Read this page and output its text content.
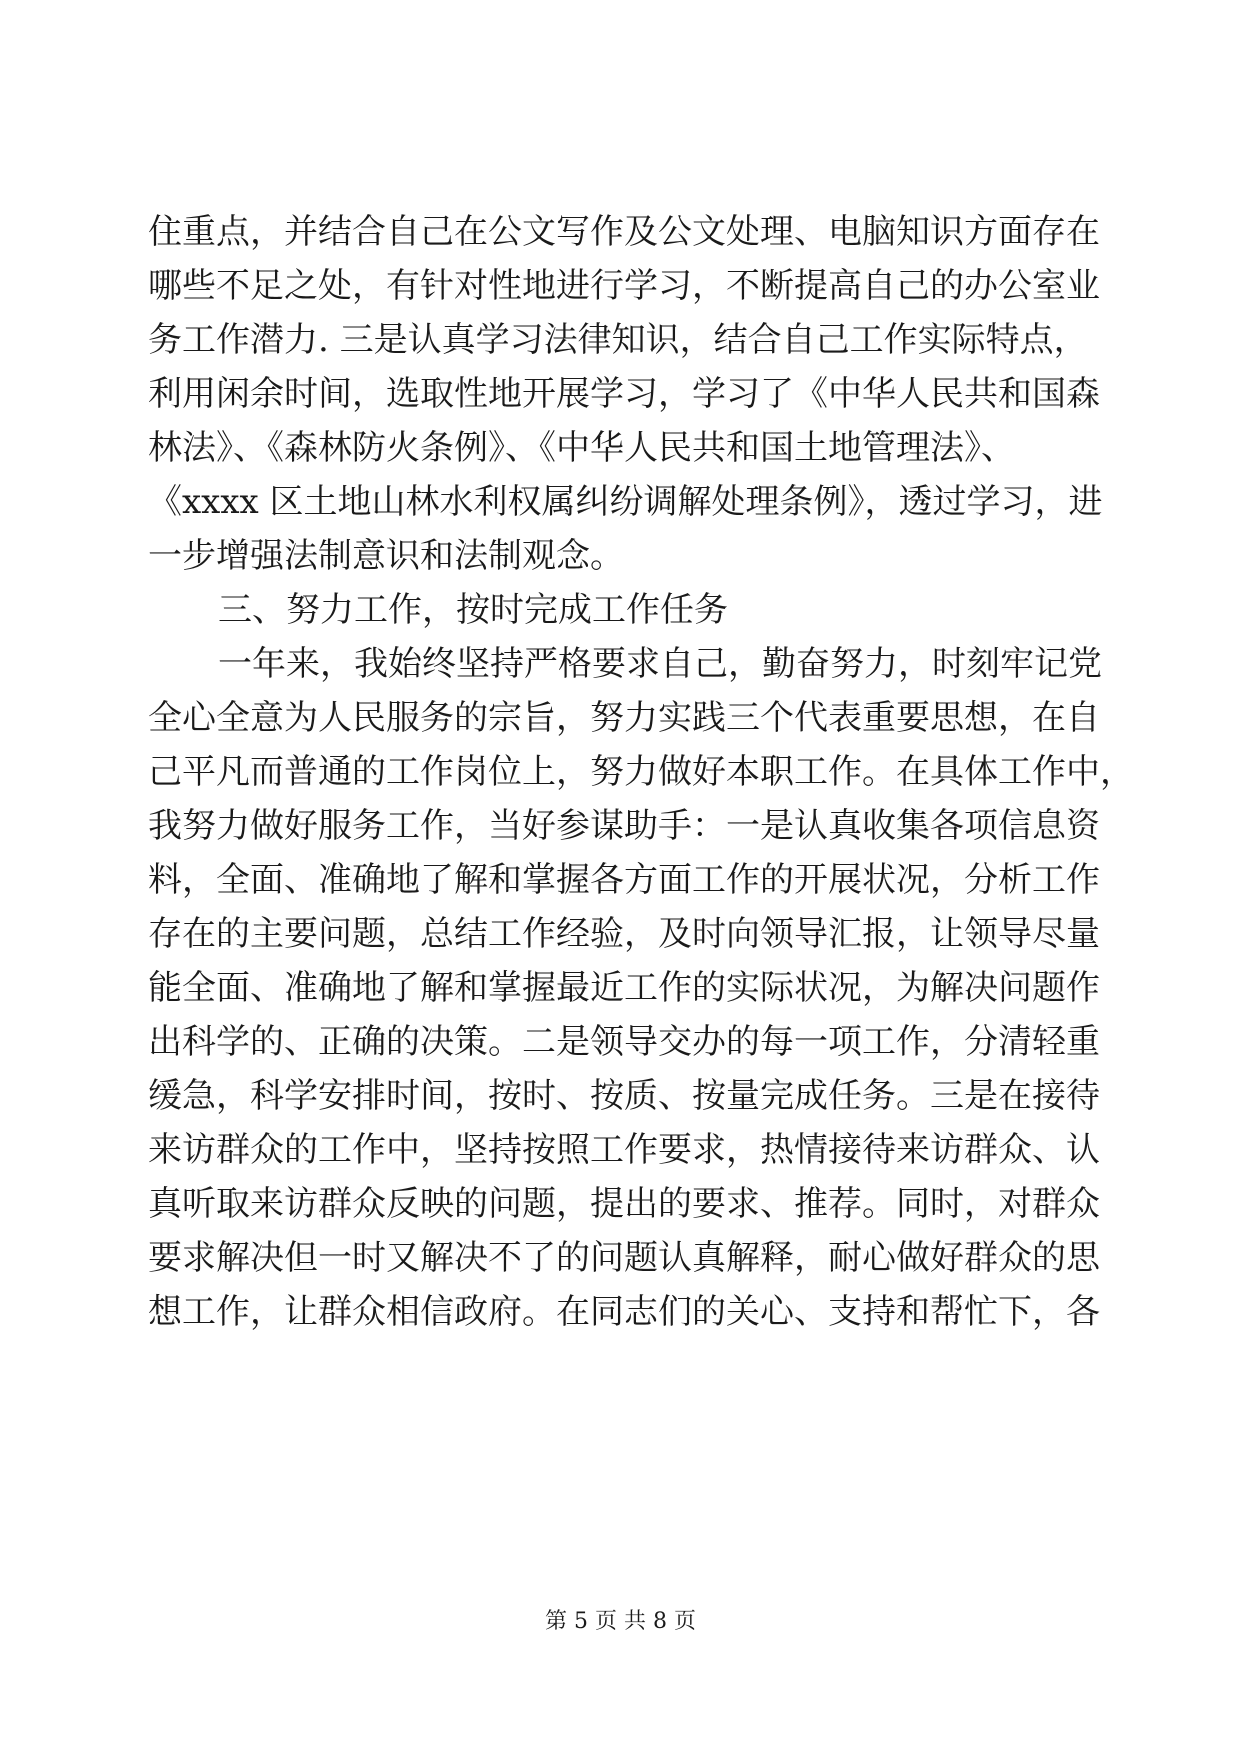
住重点，并结合自己在公文写作及公文处理、电脑知识方面存在
哪些不足之处，有针对性地进行学习，不断提高自己的办公室业
务工作潜力. 三是认真学习法律知识，结合自己工作实际特点，
利用闲余时间，选取性地开展学习，学习了《中华人民共和国森
林法》、《森林防火条例》、《中华人民共和国土地管理法》、
《xxxx 区土地山林水利权属纠纷调解处理条例》，透过学习，进
一步增强法制意识和法制观念。
三、努力工作，按时完成工作任务
一年来，我始终坚持严格要求自己，勤奋努力，时刻牢记党
全心全意为人民服务的宗旨，努力实践三个代表重要思想，在自
己平凡而普通的工作岗位上，努力做好本职工作。在具体工作中，
我努力做好服务工作，当好参谋助手：一是认真收集各项信息资
料，全面、准确地了解和掌握各方面工作的开展状况，分析工作
存在的主要问题，总结工作经验，及时向领导汇报，让领导尽量
能全面、准确地了解和掌握最近工作的实际状况，为解决问题作
出科学的、正确的决策。二是领导交办的每一项工作，分清轻重
缓急，科学安排时间，按时、按质、按量完成任务。三是在接待
来访群众的工作中，坚持按照工作要求，热情接待来访群众、认
真听取来访群众反映的问题，提出的要求、推荐。同时，对群众
要求解决但一时又解决不了的问题认真解释，耐心做好群众的思
想工作，让群众相信政府。在同志们的关心、支持和帮忙下，各
第 5 页 共 8 页
